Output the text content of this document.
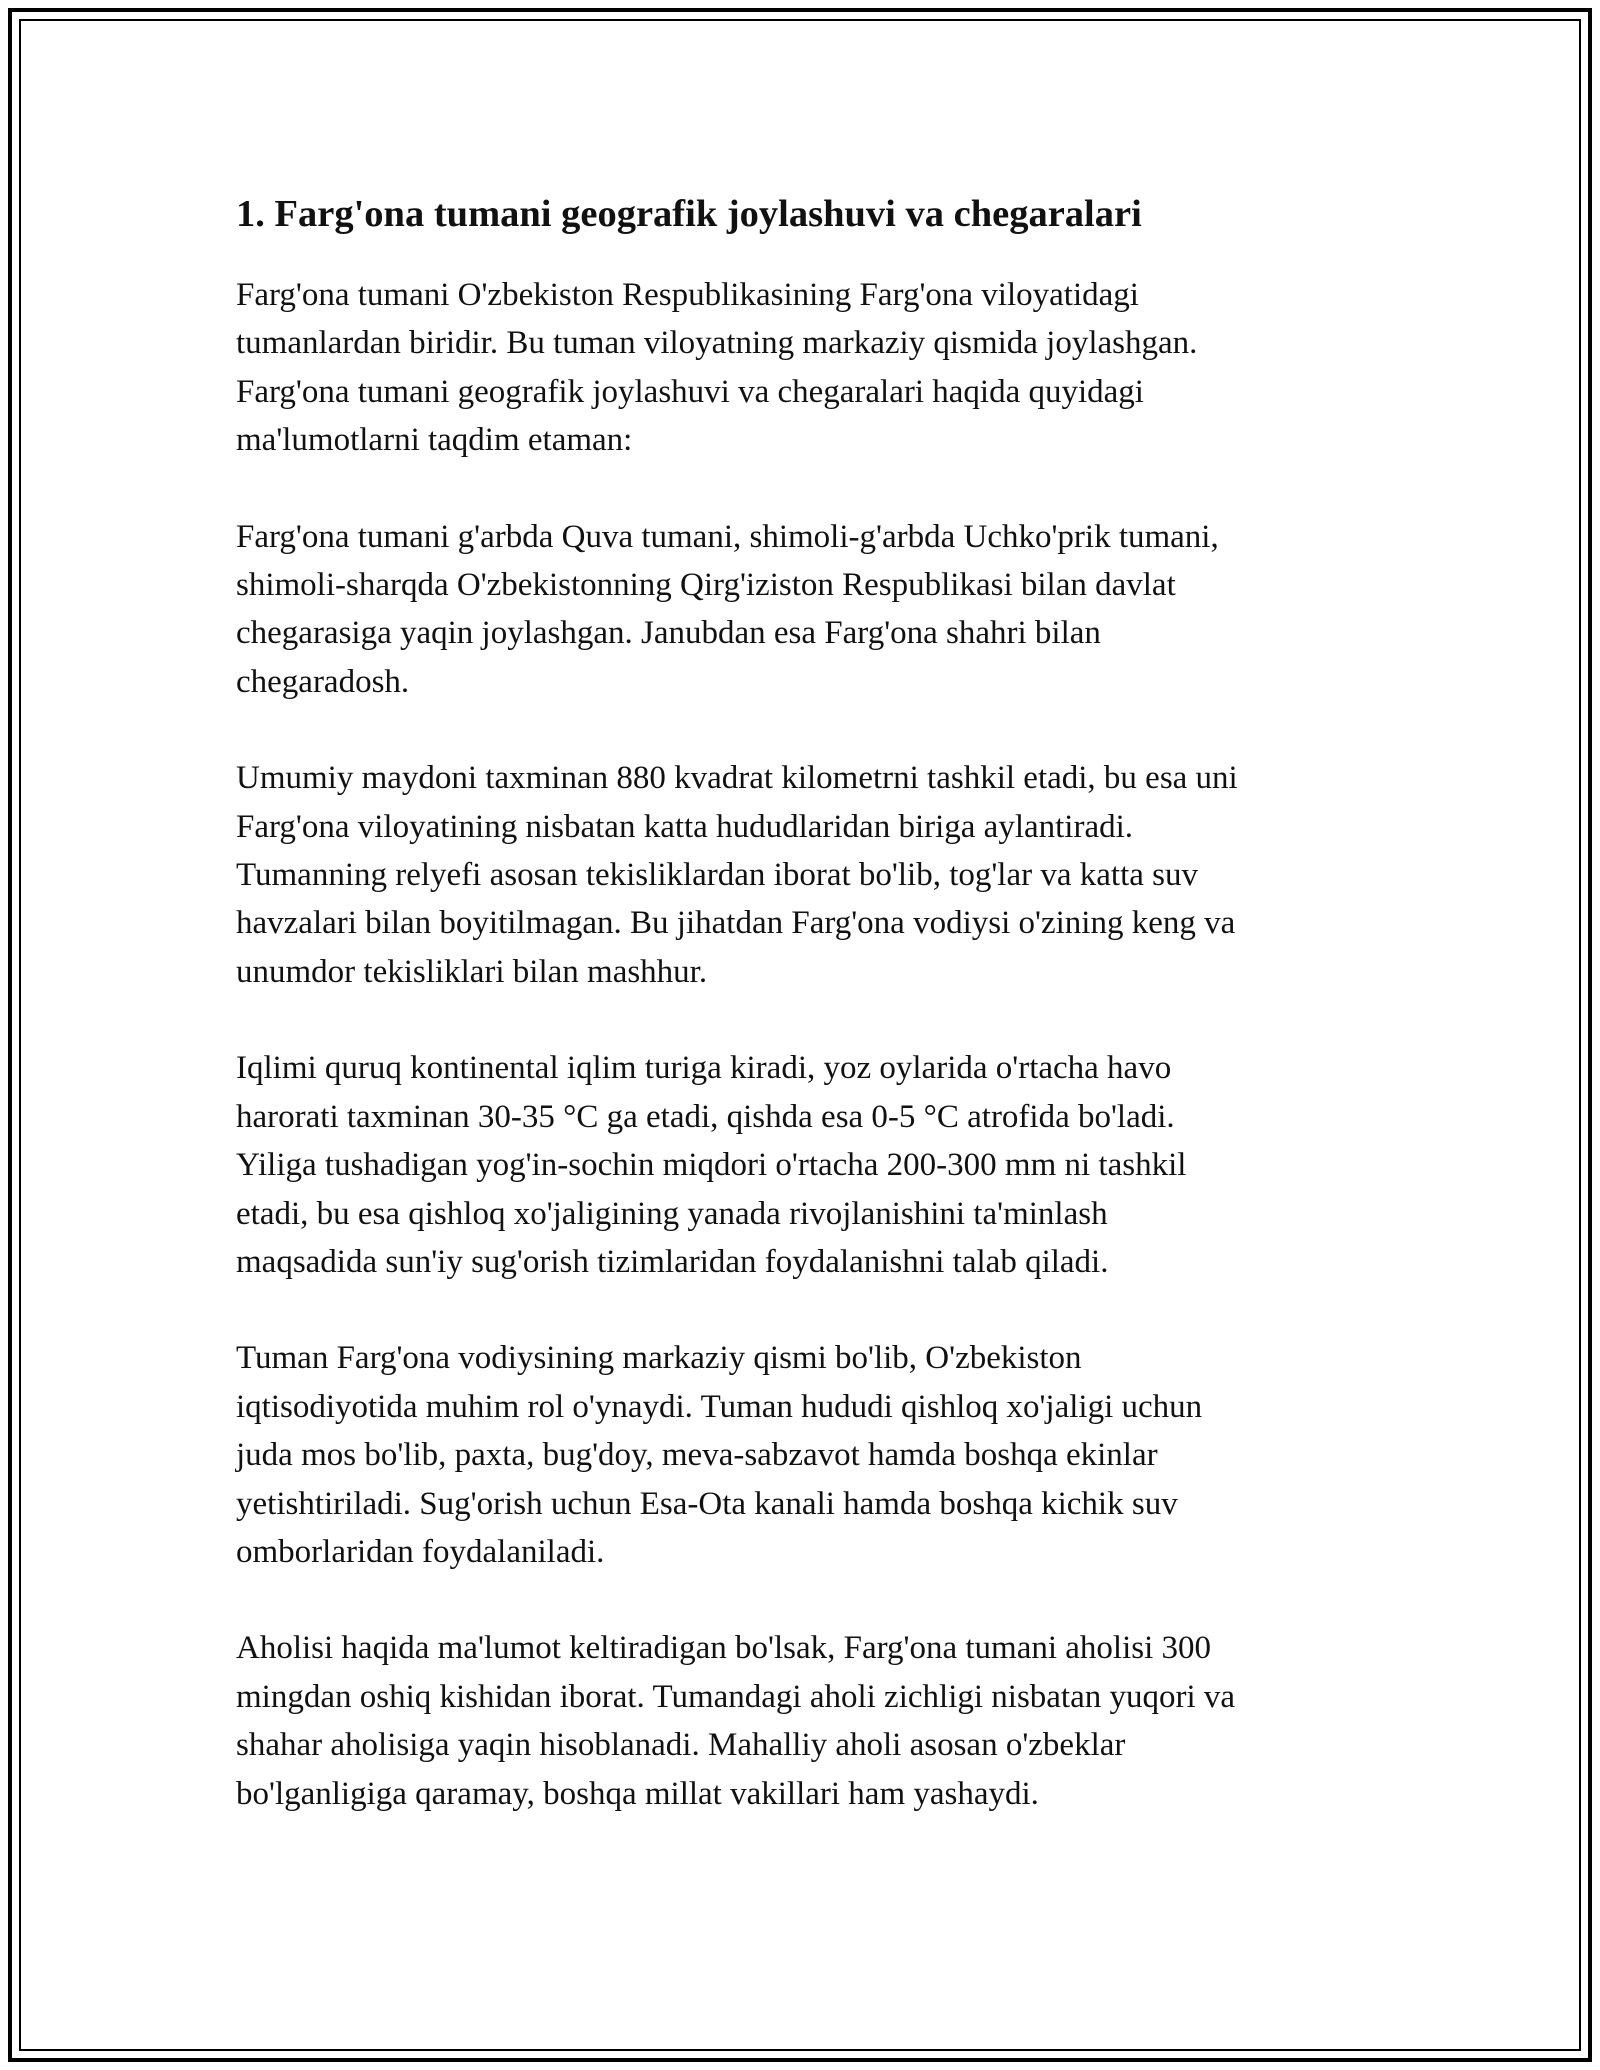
1. Farg'ona tumani geografik joylashuvi va chegaralari

Farg'ona tumani O'zbekiston Respublikasining Farg'ona viloyatidagi
tumanlardan biridir. Bu tuman viloyatning markaziy qismida joylashgan.
Farg'ona tumani geografik joylashuvi va chegaralari haqida quyidagi
ma'lumotlarni taqdim etaman:

Farg'ona tumani g'arbda Quva tumani, shimoli-g'arbda Uchko'prik tumani,
shimoli-sharqda O'zbekistonning Qirg'iziston Respublikasi bilan davlat
chegarasiga yaqin joylashgan. Janubdan esa Farg'ona shahri bilan
chegaradosh.

Umumiy maydoni taxminan 880 kvadrat kilometrni tashkil etadi, bu esa uni
Farg'ona viloyatining nisbatan katta hududlaridan biriga aylantiradi.
Tumanning relyefi asosan tekisliklardan iborat bo'lib, tog'lar va katta suv
havzalari bilan boyitilmagan. Bu jihatdan Farg'ona vodiysi o'zining keng va
unumdor tekisliklari bilan mashhur.

Iqlimi quruq kontinental iqlim turiga kiradi, yoz oylarida o'rtacha havo
harorati taxminan 30-35 °C ga etadi, qishda esa 0-5 °C atrofida bo'ladi.
Yiliga tushadigan yog'in-sochin miqdori o'rtacha 200-300 mm ni tashkil
etadi, bu esa qishloq xo'jaligining yanada rivojlanishini ta'minlash
maqsadida sun'iy sug'orish tizimlaridan foydalanishni talab qiladi.

Tuman Farg'ona vodiysining markaziy qismi bo'lib, O'zbekiston
iqtisodiyotida muhim rol o'ynaydi. Tuman hududi qishloq xo'jaligi uchun
juda mos bo'lib, paxta, bug'doy, meva-sabzavot hamda boshqa ekinlar
yetishtiriladi. Sug'orish uchun Esa-Ota kanali hamda boshqa kichik suv
omborlaridan foydalaniladi.

Aholisi haqida ma'lumot keltiradigan bo'lsak, Farg'ona tumani aholisi 300
mingdan oshiq kishidan iborat. Tumandagi aholi zichligi nisbatan yuqori va
shahar aholisiga yaqin hisoblanadi. Mahalliy aholi asosan o'zbeklar
bo'lganligiga qaramay, boshqa millat vakillari ham yashaydi.
